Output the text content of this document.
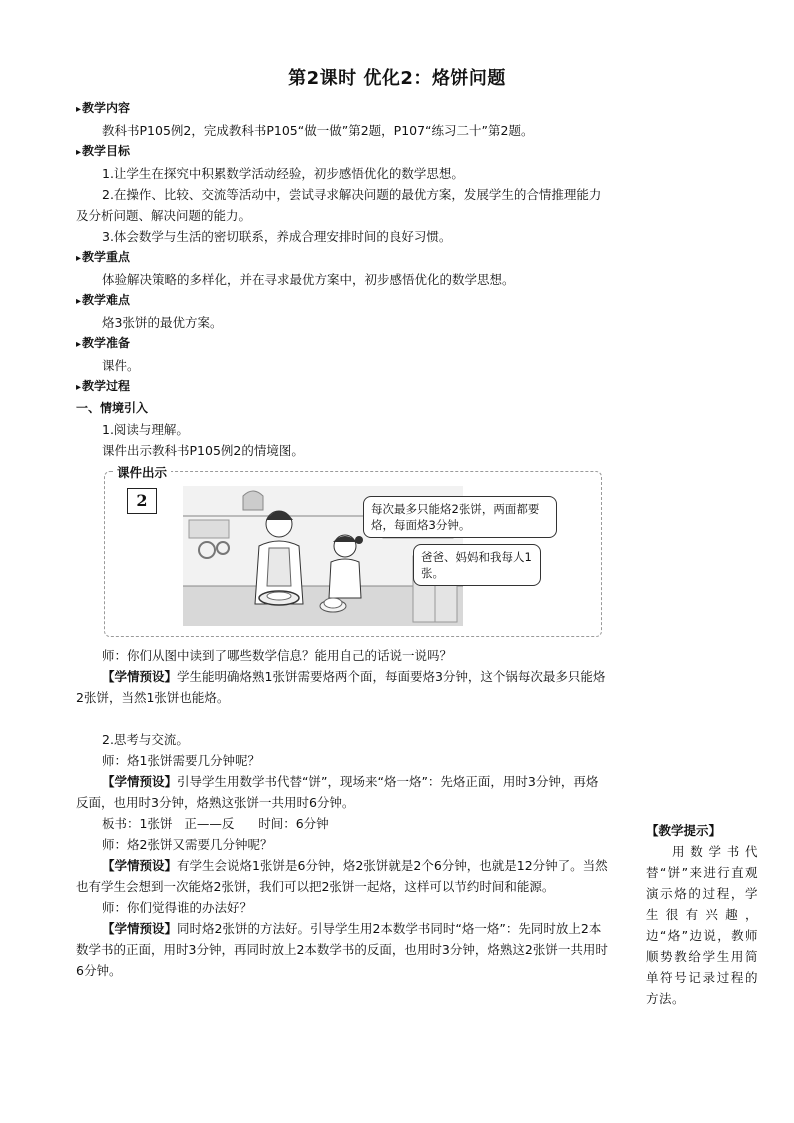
第2课时 优化2：烙饼问题

▸ 教学内容

教科书P105例2，完成教科书P105“做一做”第2题，P107“练习二十”第2题。

▸ 教学目标

1.让学生在探究中积累数学活动经验，初步感悟优化的数学思想。

2.在操作、比较、交流等活动中，尝试寻求解决问题的最优方案，发展学生的合情推理能力及分析问题、解决问题的能力。

3.体会数学与生活的密切联系，养成合理安排时间的良好习惯。

▸ 教学重点

体验解决策略的多样化，并在寻求最优方案中，初步感悟优化的数学思想。

▸ 教学难点

烙3张饼的最优方案。

▸ 教学准备

课件。

▸ 教学过程

一、情境引入

1.阅读与理解。

课件出示教科书P105例2的情境图。

课件出示
2	每次最多只能烙2张饼，两面都要烙，每面烙3分钟。
爸爸、妈妈和我每人1张。

师：你们从图中读到了哪些数学信息？能用自己的话说一说吗？

【学情预设】学生能明确烙熟1张饼需要烙两个面，每面要烙3分钟，这个锅每次最多只能烙2张饼，当然1张饼也能烙。

2.思考与交流。

师：烙1张饼需要几分钟呢？

【学情预设】引导学生用数学书代替“饼”，现场来“烙一烙”：先烙正面，用时3分钟，再烙反面，也用时3分钟，烙熟这张饼一共用时6分钟。

板书：1张饼   正——反      时间：6分钟

师：烙2张饼又需要几分钟呢？

【学情预设】有学生会说烙1张饼是6分钟，烙2张饼就是2个6分钟，也就是12分钟了。当然也有学生会想到一次能烙2张饼，我们可以把2张饼一起烙，这样可以节约时间和能源。

师：你们觉得谁的办法好？

【学情预设】同时烙2张饼的方法好。引导学生用2本数学书同时“烙一烙”：先同时放上2本数学书的正面，用时3分钟，再同时放上2本数学书的反面，也用时3分钟，烙熟这2张饼一共用时6分钟。

【教学提示】
用数学书代替“饼”来进行直观演示烙的过程，学生很有兴趣，边“烙”边说，教师顺势教给学生用简单符号记录过程的方法。
